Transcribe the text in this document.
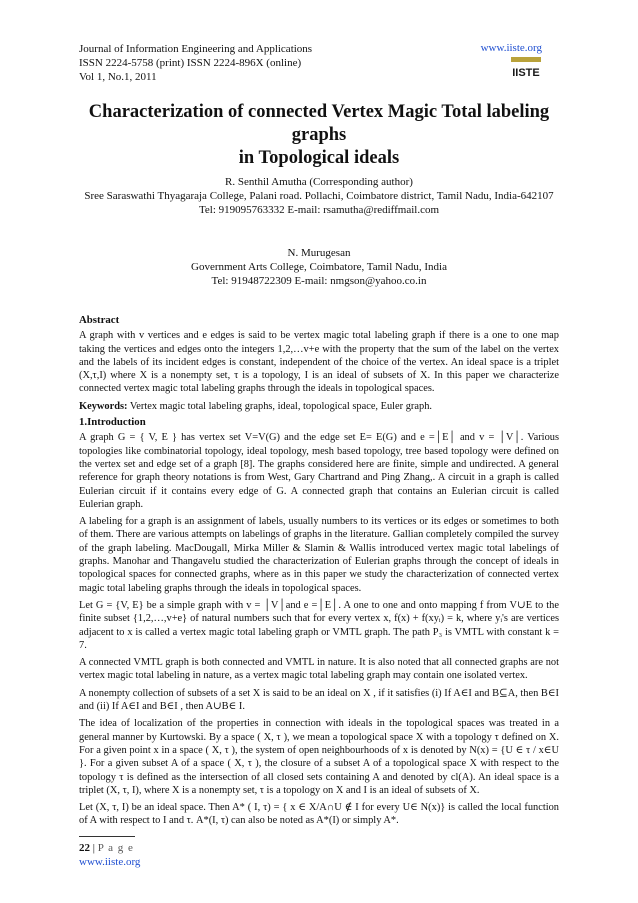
Journal of Information Engineering and Applications
ISSN 2224-5758 (print) ISSN 2224-896X (online)
Vol 1, No.1, 2011
www.iiste.org
IISTE
Characterization of connected Vertex Magic Total labeling graphs
in Topological ideals
R. Senthil Amutha (Corresponding author)
Sree Saraswathi Thyagaraja College, Palani road. Pollachi, Coimbatore district, Tamil Nadu, India-642107
Tel: 919095763332 E-mail: rsamutha@rediffmail.com
N. Murugesan
Government Arts College, Coimbatore, Tamil Nadu, India
Tel: 91948722309 E-mail: nmgson@yahoo.co.in
Abstract

A graph with v vertices and e edges is said to be vertex magic total labeling graph if there is a one to one map taking the vertices and edges onto the integers 1,2,…v+e with the property that the sum of the label on the vertex and the labels of its incident edges is constant, independent of the choice of the vertex. An ideal space is a triplet (X,τ,I) where X is a nonempty set, τ is a topology, I is an ideal of subsets of X. In this paper we characterize connected vertex magic total labeling graphs through the ideals in topological spaces.

Keywords: Vertex magic total labeling graphs, ideal, topological space, Euler graph.

1.Introduction

A graph G = { V, E } has vertex set V=V(G) and the edge set E= E(G) and e =│E│ and v = │V│. Various topologies like combinatorial topology, ideal topology, mesh based topology, tree based topology were defined on the vertex set and edge set of a graph [8]. The graphs considered here are finite, simple and undirected. A general reference for graph theory notations is from West, Gary Chartrand and Ping Zhang,. A circuit in a graph is called Eulerian circuit if it contains every edge of G. A connected graph that contains an Eulerian circuit is called Eulerian graph.

A labeling for a graph is an assignment of labels, usually numbers to its vertices or its edges or sometimes to both of them. There are various attempts on labelings of graphs in the literature. Gallian completely compiled the survey of the graph labeling. MacDougall, Mirka Miller & Slamin & Wallis introduced vertex magic total labelings of graphs. Manohar and Thangavelu studied the characterization of Eulerian graphs through the concept of ideals in topological spaces for connected graphs, where as in this paper we study the characterization of connected vertex magic total labeling graphs through the ideals in topological spaces.

Let G = {V, E} be a simple graph with v = │V│and e =│E│. A one to one and onto mapping f from V∪E to the finite subset {1,2,…,v+e} of natural numbers such that for every vertex x, f(x) + f(xyᵢ) = k, where yᵢ's are vertices adjacent to x is called a vertex magic total labeling graph or VMTL graph. The path P₃ is VMTL with constant k = 7.

A connected VMTL graph is both connected and VMTL in nature. It is also noted that all connected graphs are not vertex magic total labeling in nature, as a vertex magic total labeling graph may contain one isolated vertex.

A nonempty collection of subsets of a set X is said to be an ideal on X , if it satisfies (i) If A∈I and B⊆A, then B∈I and (ii) If A∈I and B∈I , then A∪B∈ I.

The idea of localization of the properties in connection with ideals in the topological spaces was treated in a general manner by Kurtowski. By a space ( X, τ ), we mean a topological space X with a topology τ defined on X. For a given point x in a space ( X, τ ), the system of open neighbourhoods of x is denoted by N(x) = {U ∈ τ / x∈U }. For a given subset A of a space ( X, τ ), the closure of a subset A of a topological space X with respect to the topology τ is defined as the intersection of all closed sets containing A and denoted by cl(A). An ideal space is a triplet (X, τ, I), where X is a nonempty set, τ is a topology on X and I is an ideal of subsets of X.

Let (X, τ, I) be an ideal space. Then A* ( I, τ) = { x ∈ X/A∩U ∉ I for every U∈ N(x)} is called the local function of A with respect to I and τ. A*(I, τ) can also be noted as A*(I) or simply A*.

22 | P a g e
www.iiste.org
